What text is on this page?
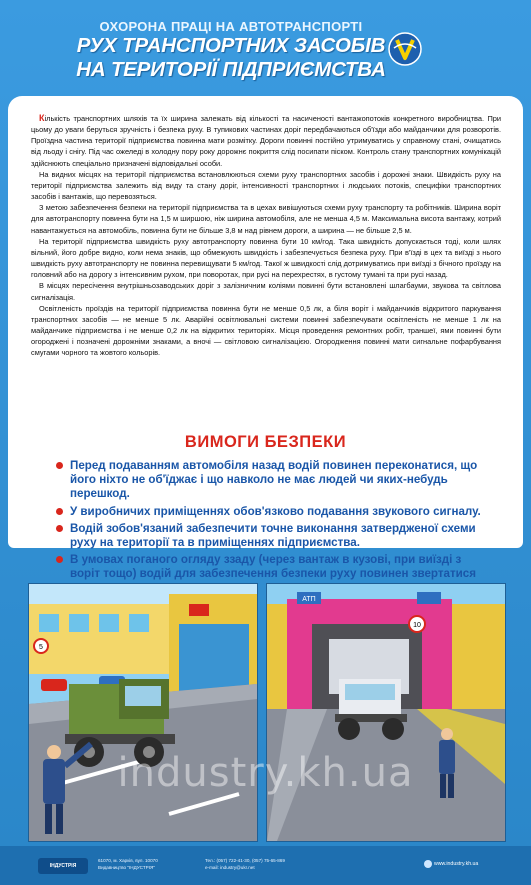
ОХОРОНА ПРАЦІ НА АВТОТРАНСПОРТІ
РУХ ТРАНСПОРТНИХ ЗАСОБІВ
НА ТЕРИТОРІЇ ПІДПРИЄМСТВА

Кількість транспортних шляхів та їх ширина залежать від кількості та насиченості вантажопотоків конкретного виробництва. При цьому до уваги беруться зручність і безпека руху. В тупикових частинах доріг передбачаються об'їзди або майданчики для розворотів. Проїздна частина території підприємства повинна мати розмітку. Дороги повинні постійно утримуватись у справному стані, очищатись від льоду і снігу. Під час ожеледі в холодну пору року дорожнє покриття слід посипати піском. Контроль стану транспортних комунікацій здійснюють спеціально призначені відповідальні особи.

На видних місцях на території підприємства встановлюються схеми руху транспортних засобів і дорожні знаки. Швидкість руху на території підприємства залежить від виду та стану доріг, інтенсивності транспортних і людських потоків, специфіки транспортних засобів і вантажів, що перевозяться.

З метою забезпечення безпеки на території підприємства та в цехах вивішуються схеми руху транспорту та робітників. Ширина воріт для автотранспорту повинна бути на 1,5 м ширшою, ніж ширина автомобіля, але не менша 4,5 м. Максимальна висота вантажу, котрий навантажується на автомобіль, повинна бути не більше 3,8 м над рівнем дороги, а ширина — не більше 2,5 м.

На території підприємства швидкість руху автотранспорту повинна бути 10 км/год. Така швидкість допускається тоді, коли шлях вільний, його добре видно, коли нема знаків, що обмежують швидкість і забезпечується безпека руху. При в'їзді в цех та виїзді з нього швидкість руху автотранспорту не повинна перевищувати 5 км/год. Такої ж швидкості слід дотримуватись при виїзді з бічного проїзду на головний або на дорогу з інтенсивним рухом, при поворотах, при русі на перехрестях, в густому тумані та при русі назад.

В місцях пересічення внутрішньозаводських доріг з залізничним коліями повинні бути встановлені шлагбауми, звукова та світлова сигналізація.

Освітленість проїздів на території підприємства повинна бути не менше 0,5 лк, а біля воріт і майданчиків відкритого паркування транспортних засобів — не менше 5 лк. Аварійні освітлювальні системи повинні забезпечувати освітленість не менше 1 лк на майданчике підприємства і не менше 0,2 лк на відкритих територіях. Місця проведення ремонтних робіт, траншеї, ями повинні бути огороджені і позначені дорожніми знаками, а вночі — світловою сигналізацією. Огородження повинні мати сигнальне пофарбування смугами чорного та жовтого кольорів.

ВИМОГИ БЕЗПЕКИ
Перед подаванням автомобіля назад водій повинен переконатися, що його ніхто не об'їджає і що навколо не має людей чи яких-небудь перешкод.
У виробничих приміщеннях обов'язково подавання звукового сигналу.
Водій зобов'язаний забезпечити точне виконання затвердженої схеми руху на території та в приміщеннях підприємства.
В умовах поганого огляду ззаду (через вантаж в кузові, при виїзді з воріт тощо) водій для забезпечення безпеки руху повинен звертатися
5
АТП
10
industry.kh.ua
ІНДУСТРІЯ
61070, м. Харків, вул. 10070
Видавництво "ІНДУСТРІЯ"
Тел.: (057) 722-41-30, (057) 75-65-869
e-mail: industry@ukr.net
www.industry.kh.ua
